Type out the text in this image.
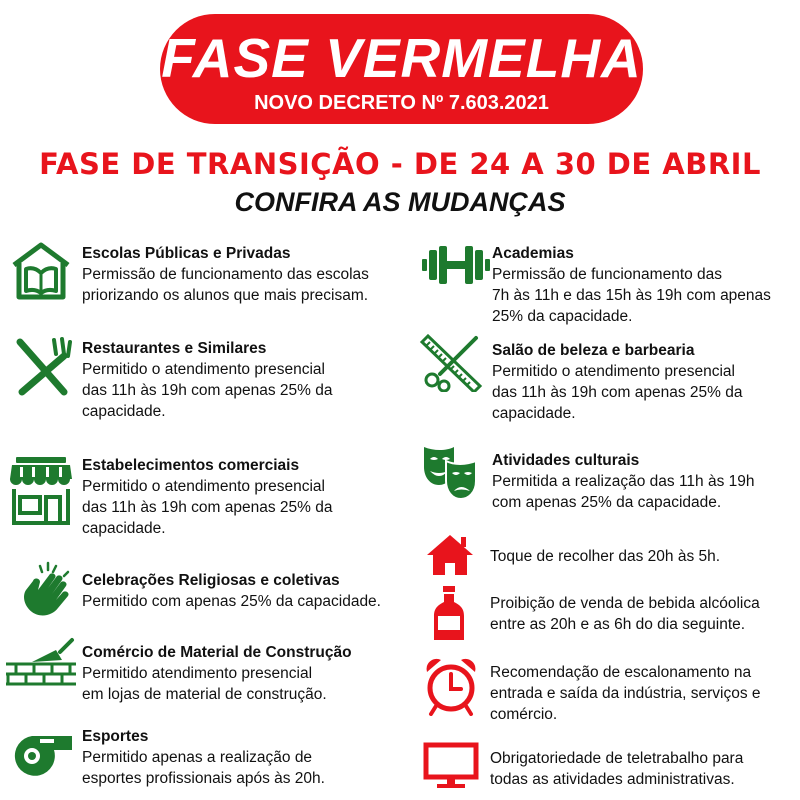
FASE VERMELHA
NOVO DECRETO Nº 7.603.2021
FASE DE TRANSIÇÃO - DE 24 A 30 DE ABRIL
CONFIRA AS MUDANÇAS
Escolas Públicas e Privadas
Permissão de funcionamento das escolas
priorizando os alunos que mais precisam.
Restaurantes e Similares
Permitido o atendimento presencial
das 11h às 19h com apenas 25% da
capacidade.
Estabelecimentos comerciais
Permitido o atendimento presencial
das 11h às 19h com apenas 25% da
capacidade.
Celebrações Religiosas e coletivas
Permitido com apenas 25% da capacidade.
Comércio de Material de Construção
Permitido atendimento presencial
em lojas de material de construção.
Esportes
Permitido apenas a realização de
esportes profissionais após às 20h.
Academias
Permissão de funcionamento das
7h às 11h e das 15h às 19h com apenas
25% da capacidade.
Salão de beleza e barbearia
Permitido o atendimento presencial
das 11h às 19h com apenas 25% da
capacidade.
Atividades culturais
Permitida a realização das 11h às 19h
com apenas 25% da capacidade.
Toque de recolher das 20h às 5h.
Proibição de venda de bebida alcóolica
entre as 20h e as 6h do dia seguinte.
Recomendação de escalonamento na
entrada e saída da indústria, serviços e
comércio.
Obrigatoriedade de teletrabalho para
todas as atividades administrativas.
